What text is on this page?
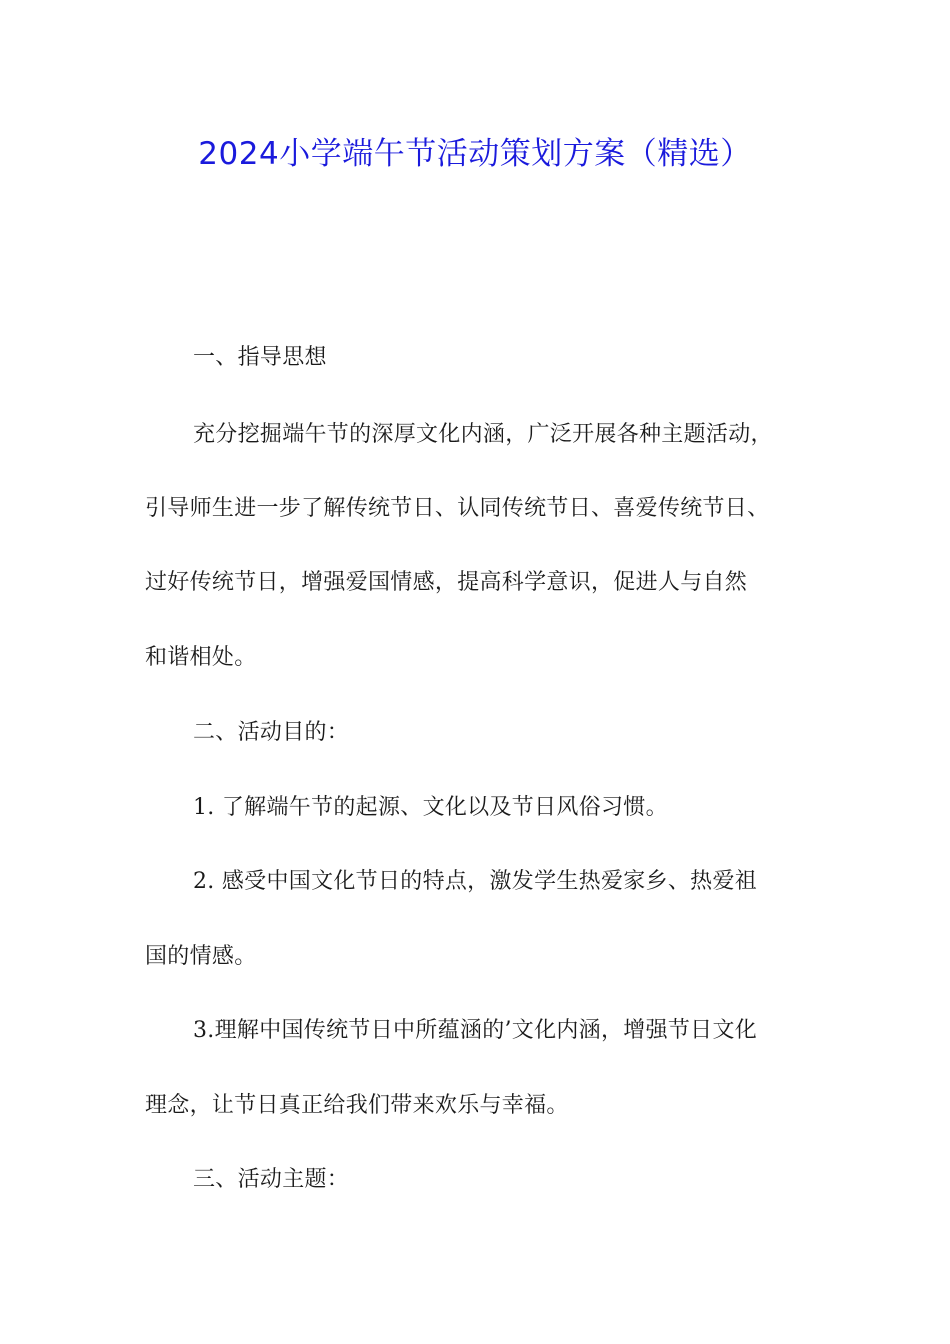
2024小学端午节活动策划方案（精选）
一、指导思想
充分挖掘端午节的深厚文化内涵，广泛开展各种主题活动，
引导师生进一步了解传统节日、认同传统节日、喜爱传统节日、
过好传统节日，增强爱国情感，提高科学意识，促进人与自然
和谐相处。
二、活动目的：
1. 了解端午节的起源、文化以及节日风俗习惯。
2. 感受中国文化节日的特点，激发学生热爱家乡、热爱祖
国的情感。
3.理解中国传统节日中所蕴涵的’文化内涵，增强节日文化
理念，让节日真正给我们带来欢乐与幸福。
三、活动主题：
